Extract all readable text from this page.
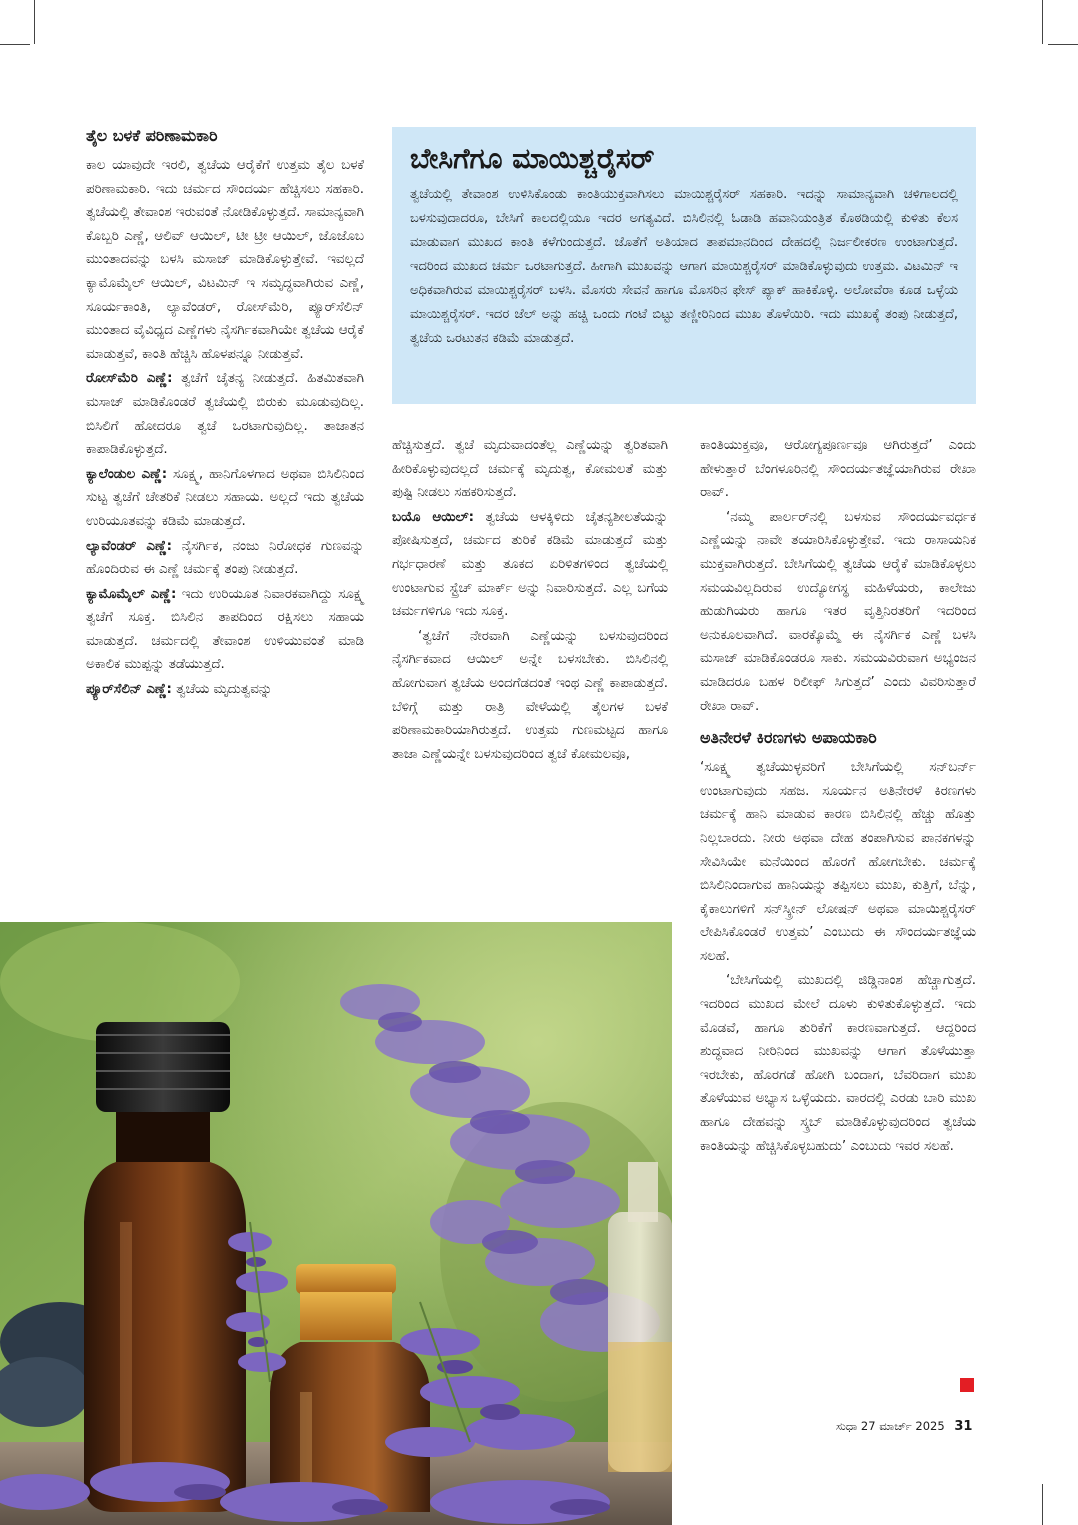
ತೈಲ ಬಳಕೆ ಪರಿಣಾಮಕಾರಿ

ಕಾಲ ಯಾವುದೇ ಇರಲಿ, ತ್ವಚೆಯ ಆರೈಕೆಗೆ ಉತ್ತಮ ತೈಲ ಬಳಕೆ ಪರಿಣಾಮಕಾರಿ. ಇದು ಚರ್ಮದ ಸೌಂದರ್ಯ ಹೆಚ್ಚಿಸಲು ಸಹಕಾರಿ. ತ್ವಚೆಯಲ್ಲಿ ತೇವಾಂಶ ಇರುವಂತೆ ನೋಡಿಕೊಳ್ಳುತ್ತದೆ. ಸಾಮಾನ್ಯವಾಗಿ ಕೊಬ್ಬರಿ ಎಣ್ಣೆ, ಆಲಿವ್ ಆಯಿಲ್, ಟೀ ಟ್ರೀ ಆಯಿಲ್, ಜೊಜೊಬ ಮುಂತಾದವನ್ನು ಬಳಸಿ ಮಸಾಜ್ ಮಾಡಿಕೊಳ್ಳುತ್ತೇವೆ. ಇವಲ್ಲದೆ ಕ್ಯಾಮೊಮೈಲ್ ಆಯಿಲ್, ವಿಟಮಿನ್ ಇ ಸಮೃದ್ಧವಾಗಿರುವ ಎಣ್ಣೆ, ಸೂರ್ಯಕಾಂತಿ, ಲ್ಯಾವೆಂಡರ್, ರೋಸ್‌ಮೆರಿ, ಪ್ಯೂರ್‌ಸೆಲಿನ್ ಮುಂತಾದ ವೈವಿಧ್ಯದ ಎಣ್ಣೆಗಳು ನೈಸರ್ಗಿಕವಾಗಿಯೇ ತ್ವಚೆಯ ಆರೈಕೆ ಮಾಡುತ್ತವೆ, ಕಾಂತಿ ಹೆಚ್ಚಿಸಿ ಹೊಳಪನ್ನೂ ನೀಡುತ್ತವೆ.

ರೋಸ್‌ಮೆರಿ ಎಣ್ಣೆ: ತ್ವಚೆಗೆ ಚೈತನ್ಯ ನೀಡುತ್ತದೆ. ಹಿತಮಿತವಾಗಿ ಮಸಾಜ್ ಮಾಡಿಕೊಂಡರೆ ತ್ವಚೆಯಲ್ಲಿ ಬಿರುಕು ಮೂಡುವುದಿಲ್ಲ. ಬಿಸಿಲಿಗೆ ಹೋದರೂ ತ್ವಚೆ ಒರಟಾಗುವುದಿಲ್ಲ. ತಾಜಾತನ ಕಾಪಾಡಿಕೊಳ್ಳುತ್ತದೆ.

ಕ್ಯಾಲೆಂಡುಲ ಎಣ್ಣೆ: ಸೂಕ್ಷ್ಮ, ಹಾನಿಗೊಳಗಾದ ಅಥವಾ ಬಿಸಿಲಿನಿಂದ ಸುಟ್ಟ ತ್ವಚೆಗೆ ಚೇತರಿಕೆ ನೀಡಲು ಸಹಾಯ. ಅಲ್ಲದೆ ಇದು ತ್ವಚೆಯ ಉರಿಯೂತವನ್ನು ಕಡಿಮೆ ಮಾಡುತ್ತದೆ.

ಲ್ಯಾವೆಂಡರ್ ಎಣ್ಣೆ: ನೈಸರ್ಗಿಕ, ನಂಜು ನಿರೋಧಕ ಗುಣವನ್ನು ಹೊಂದಿರುವ ಈ ಎಣ್ಣೆ ಚರ್ಮಕ್ಕೆ ತಂಪು ನೀಡುತ್ತದೆ.

ಕ್ಯಾಮೊಮೈಲ್ ಎಣ್ಣೆ: ಇದು ಉರಿಯೂತ ನಿವಾರಕವಾಗಿದ್ದು ಸೂಕ್ಷ್ಮ ತ್ವಚೆಗೆ ಸೂಕ್ತ. ಬಿಸಿಲಿನ ತಾಪದಿಂದ ರಕ್ಷಿಸಲು ಸಹಾಯ ಮಾಡುತ್ತದೆ. ಚರ್ಮದಲ್ಲಿ ತೇವಾಂಶ ಉಳಿಯುವಂತೆ ಮಾಡಿ ಅಕಾಲಿಕ ಮುಪ್ಪನ್ನು ತಡೆಯುತ್ತದೆ.

ಪ್ಯೂರ್‌ಸೆಲಿನ್ ಎಣ್ಣೆ: ತ್ವಚೆಯ ಮೃದುತ್ವವನ್ನು

ಬೇಸಿಗೆಗೂ ಮಾಯಿಶ್ಚರೈಸರ್
ತ್ವಚೆಯಲ್ಲಿ ತೇವಾಂಶ ಉಳಿಸಿಕೊಂಡು ಕಾಂತಿಯುಕ್ತವಾಗಿಸಲು ಮಾಯಿಶ್ಚರೈಸರ್ ಸಹಕಾರಿ. ಇದನ್ನು ಸಾಮಾನ್ಯವಾಗಿ ಚಳಿಗಾಲದಲ್ಲಿ ಬಳಸುವುದಾದರೂ, ಬೇಸಿಗೆ ಕಾಲದಲ್ಲಿಯೂ ಇದರ ಅಗತ್ಯವಿದೆ. ಬಿಸಿಲಿನಲ್ಲಿ ಓಡಾಡಿ ಹವಾನಿಯಂತ್ರಿತ ಕೊಠಡಿಯಲ್ಲಿ ಕುಳಿತು ಕೆಲಸ ಮಾಡುವಾಗ ಮುಖದ ಕಾಂತಿ ಕಳೆಗುಂದುತ್ತದೆ. ಜೊತೆಗೆ ಅತಿಯಾದ ತಾಪಮಾನದಿಂದ ದೇಹದಲ್ಲಿ ನಿರ್ಜಲೀಕರಣ ಉಂಟಾಗುತ್ತದೆ. ಇದರಿಂದ ಮುಖದ ಚರ್ಮ ಒರಟಾಗುತ್ತದೆ. ಹೀಗಾಗಿ ಮುಖವನ್ನು ಆಗಾಗ ಮಾಯಿಶ್ಚರೈಸರ್ ಮಾಡಿಕೊಳ್ಳುವುದು ಉತ್ತಮ. ವಿಟಮಿನ್ ಇ ಅಧಿಕವಾಗಿರುವ ಮಾಯಿಶ್ಚರೈಸರ್ ಬಳಸಿ. ಮೊಸರು ಸೇವನೆ ಹಾಗೂ ಮೊಸರಿನ ಫೇಸ್ ಪ್ಯಾಕ್ ಹಾಕಿಕೊಳ್ಳಿ. ಅಲೋವೆರಾ ಕೂಡ ಒಳ್ಳೆಯ ಮಾಯಿಶ್ಚರೈಸರ್. ಇದರ ಜೆಲ್ ಅನ್ನು ಹಚ್ಚಿ ಒಂದು ಗಂಟೆ ಬಿಟ್ಟು ತಣ್ಣೀರಿನಿಂದ ಮುಖ ತೊಳೆಯಿರಿ. ಇದು ಮುಖಕ್ಕೆ ತಂಪು ನೀಡುತ್ತದೆ, ತ್ವಚೆಯ ಒರಟುತನ ಕಡಿಮೆ ಮಾಡುತ್ತದೆ.

ಹೆಚ್ಚಿಸುತ್ತದೆ. ತ್ವಚೆ ಮೃದುವಾದಂತೆಲ್ಲ ಎಣ್ಣೆಯನ್ನು ತ್ವರಿತವಾಗಿ ಹೀರಿಕೊಳ್ಳುವುದಲ್ಲದೆ ಚರ್ಮಕ್ಕೆ ಮೃದುತ್ವ, ಕೋಮಲತೆ ಮತ್ತು ಪುಷ್ಟಿ ನೀಡಲು ಸಹಕರಿಸುತ್ತದೆ.

ಬಯೊ ಆಯಿಲ್: ತ್ವಚೆಯ ಆಳಕ್ಕಿಳಿದು ಚೈತನ್ಯಶೀಲತೆಯನ್ನು ಪೋಷಿಸುತ್ತದೆ, ಚರ್ಮದ ತುರಿಕೆ ಕಡಿಮೆ ಮಾಡುತ್ತದೆ ಮತ್ತು ಗರ್ಭಧಾರಣೆ ಮತ್ತು ತೂಕದ ಏರಿಳಿತಗಳಿಂದ ತ್ವಚೆಯಲ್ಲಿ ಉಂಟಾಗುವ ಸ್ಟ್ರೆಚ್ ಮಾರ್ಕ್ ಅನ್ನು ನಿವಾರಿಸುತ್ತದೆ. ಎಲ್ಲ ಬಗೆಯ ಚರ್ಮಗಳಿಗೂ ಇದು ಸೂಕ್ತ.

‘ತ್ವಚೆಗೆ ನೇರವಾಗಿ ಎಣ್ಣೆಯನ್ನು ಬಳಸುವುದರಿಂದ ನೈಸರ್ಗಿಕವಾದ ಆಯಿಲ್ ಅನ್ನೇ ಬಳಸಬೇಕು. ಬಿಸಿಲಿನಲ್ಲಿ ಹೋಗುವಾಗ ತ್ವಚೆಯ ಅಂದಗೆಡದಂತೆ ಇಂಥ ಎಣ್ಣೆ ಕಾಪಾಡುತ್ತದೆ. ಬೆಳಿಗ್ಗೆ ಮತ್ತು ರಾತ್ರಿ ವೇಳೆಯಲ್ಲಿ ತೈಲಗಳ ಬಳಕೆ ಪರಿಣಾಮಕಾರಿಯಾಗಿರುತ್ತದೆ. ಉತ್ತಮ ಗುಣಮಟ್ಟದ ಹಾಗೂ ತಾಜಾ ಎಣ್ಣೆಯನ್ನೇ ಬಳಸುವುದರಿಂದ ತ್ವಚೆ ಕೋಮಲವೂ,

ಕಾಂತಿಯುಕ್ತವೂ, ಆರೋಗ್ಯಪೂರ್ಣವೂ ಆಗಿರುತ್ತದೆ’ ಎಂದು ಹೇಳುತ್ತಾರೆ ಬೆಂಗಳೂರಿನಲ್ಲಿ ಸೌಂದರ್ಯತಜ್ಞೆಯಾಗಿರುವ ರೇಖಾ ರಾವ್.

‘ನಮ್ಮ ಪಾರ್ಲರ್‌ನಲ್ಲಿ ಬಳಸುವ ಸೌಂದರ್ಯವರ್ಧಕ ಎಣ್ಣೆಯನ್ನು ನಾವೇ ತಯಾರಿಸಿಕೊಳ್ಳುತ್ತೇವೆ. ಇದು ರಾಸಾಯನಿಕ ಮುಕ್ತವಾಗಿರುತ್ತದೆ. ಬೇಸಿಗೆಯಲ್ಲಿ ತ್ವಚೆಯ ಆರೈಕೆ ಮಾಡಿಕೊಳ್ಳಲು ಸಮಯವಿಲ್ಲದಿರುವ ಉದ್ಯೋಗಸ್ಥ ಮಹಿಳೆಯರು, ಕಾಲೇಜು ಹುಡುಗಿಯರು ಹಾಗೂ ಇತರ ವೃತ್ತಿನಿರತರಿಗೆ ಇದರಿಂದ ಅನುಕೂಲವಾಗಿದೆ. ವಾರಕ್ಕೊಮ್ಮೆ ಈ ನೈಸರ್ಗಿಕ ಎಣ್ಣೆ ಬಳಸಿ ಮಸಾಜ್ ಮಾಡಿಕೊಂಡರೂ ಸಾಕು. ಸಮಯವಿರುವಾಗ ಅಭ್ಯಂಜನ ಮಾಡಿದರೂ ಬಹಳ ರಿಲೀಫ್ ಸಿಗುತ್ತದೆ’ ಎಂದು ವಿವರಿಸುತ್ತಾರೆ ರೇಖಾ ರಾವ್.

ಅತಿನೇರಳೆ ಕಿರಣಗಳು ಅಪಾಯಕಾರಿ

‘ಸೂಕ್ಷ್ಮ ತ್ವಚೆಯುಳ್ಳವರಿಗೆ ಬೇಸಿಗೆಯಲ್ಲಿ ಸನ್‌ಬರ್ನ್ ಉಂಟಾಗುವುದು ಸಹಜ. ಸೂರ್ಯನ ಅತಿನೇರಳೆ ಕಿರಣಗಳು ಚರ್ಮಕ್ಕೆ ಹಾನಿ ಮಾಡುವ ಕಾರಣ ಬಿಸಿಲಿನಲ್ಲಿ ಹೆಚ್ಚು ಹೊತ್ತು ನಿಲ್ಲಬಾರದು. ನೀರು ಅಥವಾ ದೇಹ ತಂಪಾಗಿಸುವ ಪಾನಕಗಳನ್ನು ಸೇವಿಸಿಯೇ ಮನೆಯಿಂದ ಹೊರಗೆ ಹೋಗಬೇಕು. ಚರ್ಮಕ್ಕೆ ಬಿಸಿಲಿನಿಂದಾಗುವ ಹಾನಿಯನ್ನು ತಪ್ಪಿಸಲು ಮುಖ, ಕುತ್ತಿಗೆ, ಬೆನ್ನು, ಕೈಕಾಲುಗಳಿಗೆ ಸನ್‌ಸ್ಕ್ರೀನ್ ಲೋಷನ್ ಅಥವಾ ಮಾಯಿಶ್ಚರೈಸರ್ ಲೇಪಿಸಿಕೊಂಡರೆ ಉತ್ತಮ’ ಎಂಬುದು ಈ ಸೌಂದರ್ಯತಜ್ಞೆಯ ಸಲಹೆ.

‘ಬೇಸಿಗೆಯಲ್ಲಿ ಮುಖದಲ್ಲಿ ಜಿಡ್ಡಿನಾಂಶ ಹೆಚ್ಚಾಗುತ್ತದೆ. ಇದರಿಂದ ಮುಖದ ಮೇಲೆ ದೂಳು ಕುಳಿತುಕೊಳ್ಳುತ್ತದೆ. ಇದು ಮೊಡವೆ, ಹಾಗೂ ತುರಿಕೆಗೆ ಕಾರಣವಾಗುತ್ತದೆ. ಆದ್ದರಿಂದ ಶುದ್ಧವಾದ ನೀರಿನಿಂದ ಮುಖವನ್ನು ಆಗಾಗ ತೊಳೆಯುತ್ತಾ ಇರಬೇಕು, ಹೊರಗಡೆ ಹೋಗಿ ಬಂದಾಗ, ಬೆವರಿದಾಗ ಮುಖ ತೊಳೆಯುವ ಅಭ್ಯಾಸ ಒಳ್ಳೆಯದು. ವಾರದಲ್ಲಿ ಎರಡು ಬಾರಿ ಮುಖ ಹಾಗೂ ದೇಹವನ್ನು ಸ್ಕ್ರಬ್ ಮಾಡಿಕೊಳ್ಳುವುದರಿಂದ ತ್ವಚೆಯ ಕಾಂತಿಯನ್ನು ಹೆಚ್ಚಿಸಿಕೊಳ್ಳಬಹುದು’ ಎಂಬುದು ಇವರ ಸಲಹೆ.

ಸುಧಾ 27 ಮಾರ್ಚ್ 2025 31
